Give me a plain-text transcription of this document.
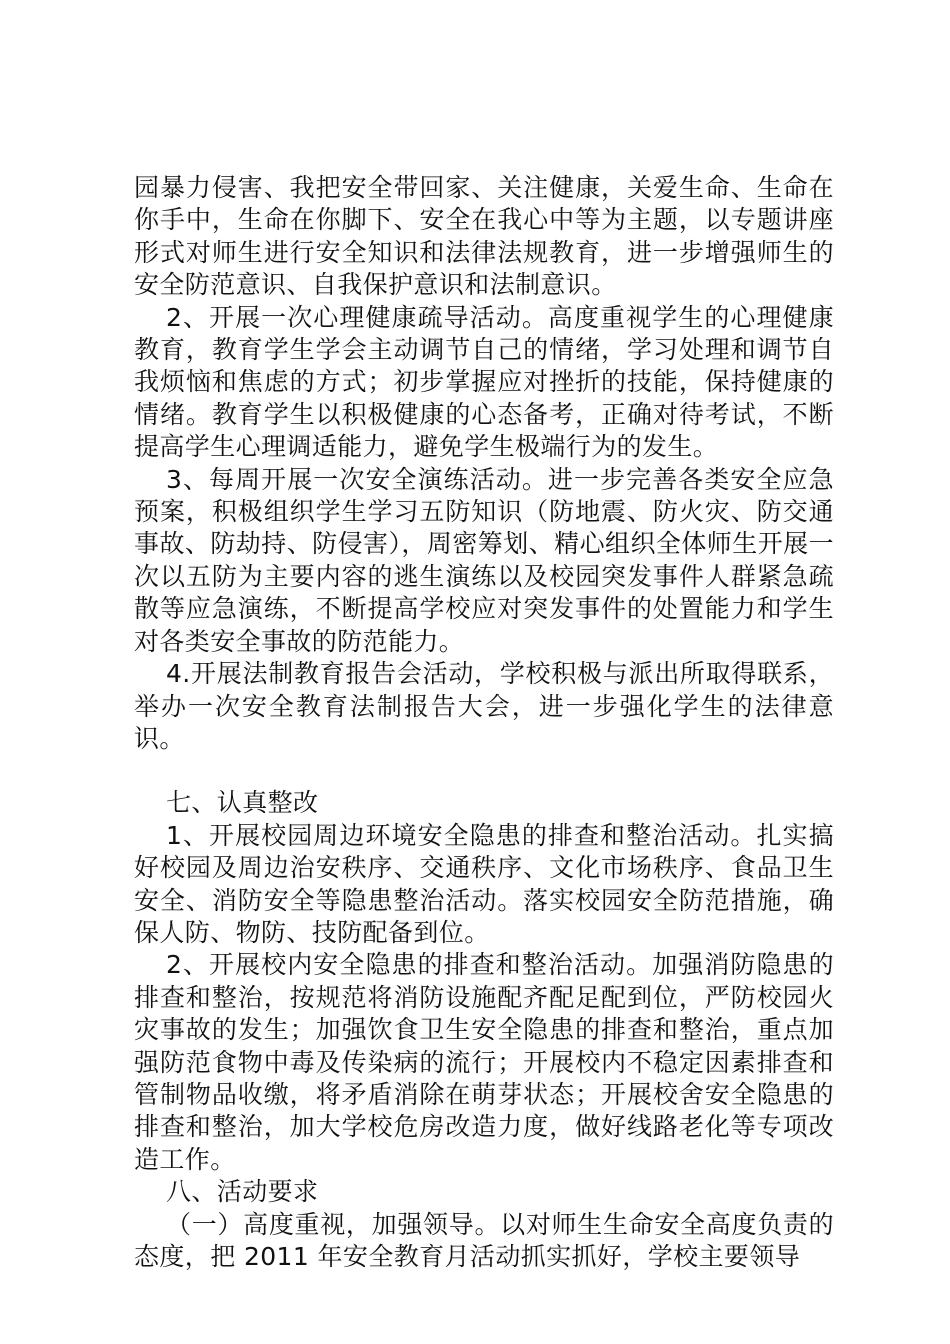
园暴力侵害、我把安全带回家、关注健康，关爱生命、生命在你手中，生命在你脚下、安全在我心中等为主题，以专题讲座形式对师生进行安全知识和法律法规教育，进一步增强师生的安全防范意识、自我保护意识和法制意识。

2、开展一次心理健康疏导活动。高度重视学生的心理健康教育，教育学生学会主动调节自己的情绪，学习处理和调节自我烦恼和焦虑的方式；初步掌握应对挫折的技能，保持健康的情绪。教育学生以积极健康的心态备考，正确对待考试，不断提高学生心理调适能力，避免学生极端行为的发生。

3、每周开展一次安全演练活动。进一步完善各类安全应急预案，积极组织学生学习五防知识（防地震、防火灾、防交通事故、防劫持、防侵害），周密筹划、精心组织全体师生开展一次以五防为主要内容的逃生演练以及校园突发事件人群紧急疏散等应急演练，不断提高学校应对突发事件的处置能力和学生对各类安全事故的防范能力。

4.开展法制教育报告会活动，学校积极与派出所取得联系，举办一次安全教育法制报告大会，进一步强化学生的法律意识。

七、认真整改

1、开展校园周边环境安全隐患的排查和整治活动。扎实搞好校园及周边治安秩序、交通秩序、文化市场秩序、食品卫生安全、消防安全等隐患整治活动。落实校园安全防范措施，确保人防、物防、技防配备到位。

2、开展校内安全隐患的排查和整治活动。加强消防隐患的排查和整治，按规范将消防设施配齐配足配到位，严防校园火灾事故的发生；加强饮食卫生安全隐患的排查和整治，重点加强防范食物中毒及传染病的流行；开展校内不稳定因素排查和管制物品收缴，将矛盾消除在萌芽状态；开展校舍安全隐患的排查和整治，加大学校危房改造力度，做好线路老化等专项改造工作。

八、活动要求

（一）高度重视，加强领导。以对师生生命安全高度负责的态度，把 2011 年安全教育月活动抓实抓好，学校主要领导
